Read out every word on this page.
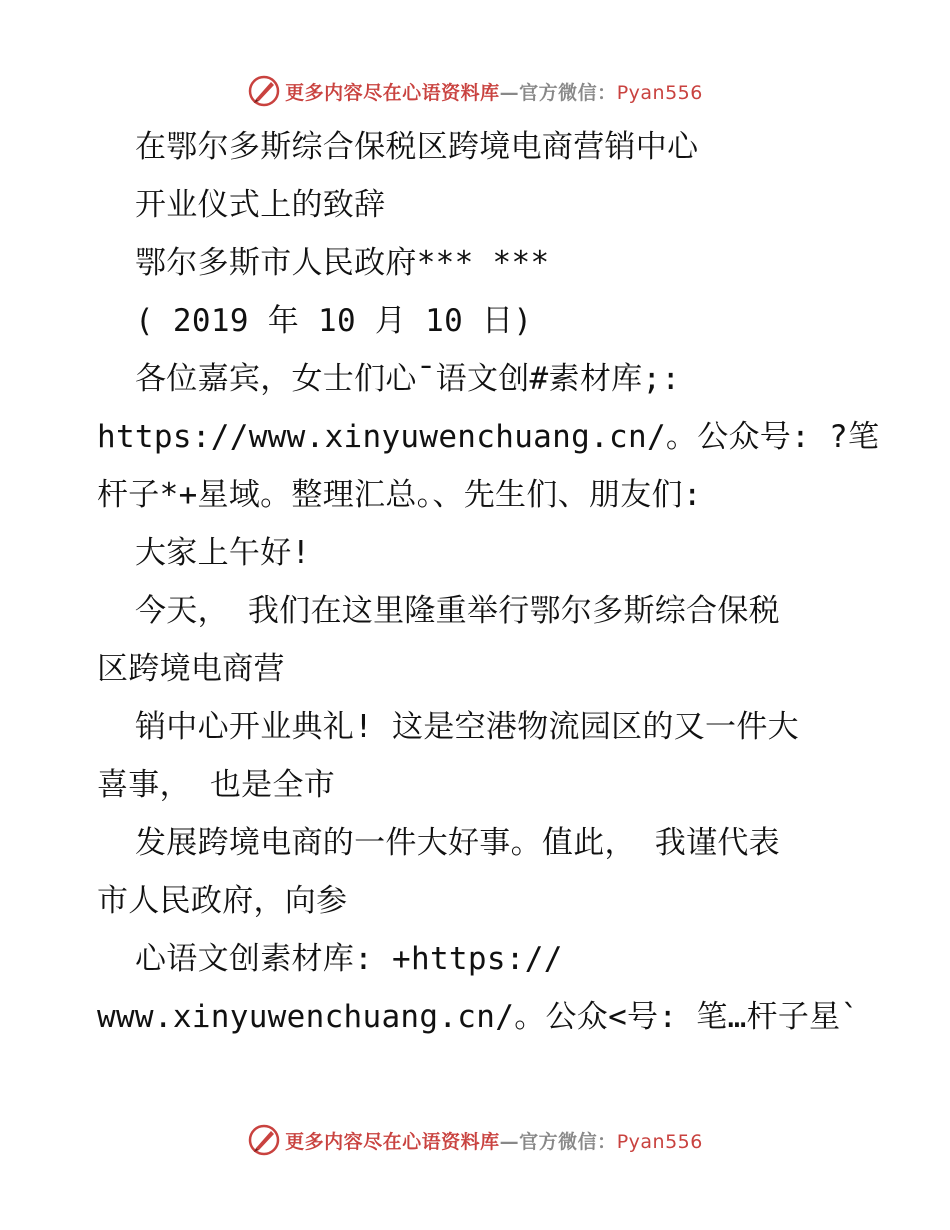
更多内容尽在心语资料库—官方微信：Pyan556
在鄂尔多斯综合保税区跨境电商营销中心
开业仪式上的致辞
鄂尔多斯市人民政府*** ***
( 2019 年 10 月 10 日)
各位嘉宾，女士们心¯语文创#素材库;:
https://www.xinyuwenchuang.cn/。公众号: ?笔
杆子*+星域。整理汇总。、先生们、朋友们:
大家上午好!
今天， 我们在这里隆重举行鄂尔多斯综合保税
区跨境电商营
销中心开业典礼! 这是空港物流园区的又一件大
喜事， 也是全市
发展跨境电商的一件大好事。值此， 我谨代表
市人民政府，向参
心语文创素材库: +https://
www.xinyuwenchuang.cn/。公众<号: 笔…杆子星`
更多内容尽在心语资料库—官方微信：Pyan556
